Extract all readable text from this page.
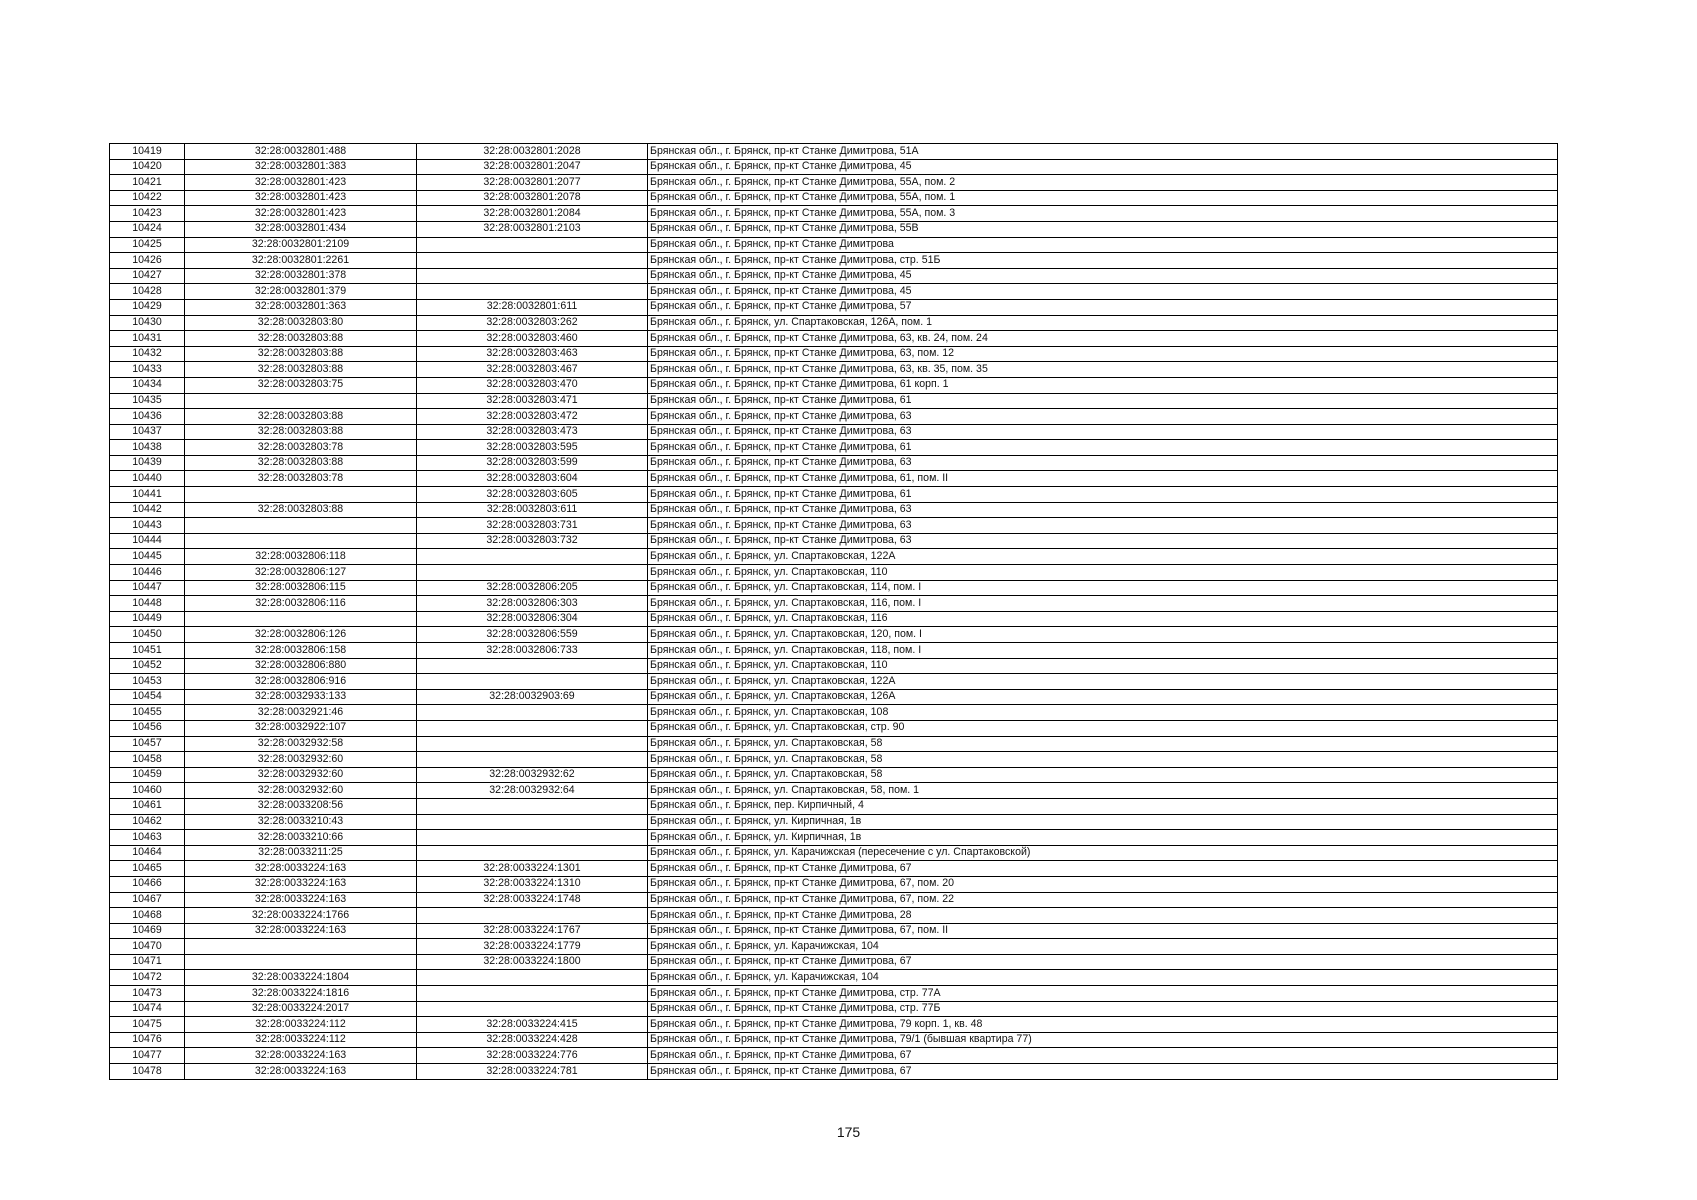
10419	32:28:0032801:488	32:28:0032801:2028	Брянская обл., г. Брянск, пр-кт Станке Димитрова, 51А
10420	32:28:0032801:383	32:28:0032801:2047	Брянская обл., г. Брянск, пр-кт Станке Димитрова, 45
10421	32:28:0032801:423	32:28:0032801:2077	Брянская обл., г. Брянск, пр-кт Станке Димитрова, 55А, пом. 2
10422	32:28:0032801:423	32:28:0032801:2078	Брянская обл., г. Брянск, пр-кт Станке Димитрова, 55А, пом. 1
10423	32:28:0032801:423	32:28:0032801:2084	Брянская обл., г. Брянск, пр-кт Станке Димитрова, 55А, пом. 3
10424	32:28:0032801:434	32:28:0032801:2103	Брянская обл., г. Брянск, пр-кт Станке Димитрова, 55В
10425	32:28:0032801:2109		Брянская обл., г. Брянск, пр-кт Станке Димитрова
10426	32:28:0032801:2261		Брянская обл., г. Брянск, пр-кт Станке Димитрова, стр. 51Б
10427	32:28:0032801:378		Брянская обл., г. Брянск, пр-кт Станке Димитрова, 45
10428	32:28:0032801:379		Брянская обл., г. Брянск, пр-кт Станке Димитрова, 45
10429	32:28:0032801:363	32:28:0032801:611	Брянская обл., г. Брянск, пр-кт Станке Димитрова, 57
10430	32:28:0032803:80	32:28:0032803:262	Брянская обл., г. Брянск, ул. Спартаковская, 126А, пом. 1
10431	32:28:0032803:88	32:28:0032803:460	Брянская обл., г. Брянск, пр-кт Станке Димитрова, 63, кв. 24, пом. 24
10432	32:28:0032803:88	32:28:0032803:463	Брянская обл., г. Брянск, пр-кт Станке Димитрова, 63, пом. 12
10433	32:28:0032803:88	32:28:0032803:467	Брянская обл., г. Брянск, пр-кт Станке Димитрова, 63, кв. 35, пом. 35
10434	32:28:0032803:75	32:28:0032803:470	Брянская обл., г. Брянск, пр-кт Станке Димитрова, 61 корп. 1
10435		32:28:0032803:471	Брянская обл., г. Брянск, пр-кт Станке Димитрова, 61
10436	32:28:0032803:88	32:28:0032803:472	Брянская обл., г. Брянск, пр-кт Станке Димитрова, 63
10437	32:28:0032803:88	32:28:0032803:473	Брянская обл., г. Брянск, пр-кт Станке Димитрова, 63
10438	32:28:0032803:78	32:28:0032803:595	Брянская обл., г. Брянск, пр-кт Станке Димитрова, 61
10439	32:28:0032803:88	32:28:0032803:599	Брянская обл., г. Брянск, пр-кт Станке Димитрова, 63
10440	32:28:0032803:78	32:28:0032803:604	Брянская обл., г. Брянск, пр-кт Станке Димитрова, 61, пом. II
10441		32:28:0032803:605	Брянская обл., г. Брянск, пр-кт Станке Димитрова, 61
10442	32:28:0032803:88	32:28:0032803:611	Брянская обл., г. Брянск, пр-кт Станке Димитрова, 63
10443		32:28:0032803:731	Брянская обл., г. Брянск, пр-кт Станке Димитрова, 63
10444		32:28:0032803:732	Брянская обл., г. Брянск, пр-кт Станке Димитрова, 63
10445	32:28:0032806:118		Брянская обл., г. Брянск, ул. Спартаковская, 122А
10446	32:28:0032806:127		Брянская обл., г. Брянск, ул. Спартаковская, 110
10447	32:28:0032806:115	32:28:0032806:205	Брянская обл., г. Брянск, ул. Спартаковская, 114, пом. I
10448	32:28:0032806:116	32:28:0032806:303	Брянская обл., г. Брянск, ул. Спартаковская, 116, пом. I
10449		32:28:0032806:304	Брянская обл., г. Брянск, ул. Спартаковская, 116
10450	32:28:0032806:126	32:28:0032806:559	Брянская обл., г. Брянск, ул. Спартаковская, 120, пом. I
10451	32:28:0032806:158	32:28:0032806:733	Брянская обл., г. Брянск, ул. Спартаковская, 118, пом. I
10452	32:28:0032806:880		Брянская обл., г. Брянск, ул. Спартаковская, 110
10453	32:28:0032806:916		Брянская обл., г. Брянск, ул. Спартаковская, 122А
10454	32:28:0032933:133	32:28:0032903:69	Брянская обл., г. Брянск, ул. Спартаковская, 126А
10455	32:28:0032921:46		Брянская обл., г. Брянск, ул. Спартаковская, 108
10456	32:28:0032922:107		Брянская обл., г. Брянск, ул. Спартаковская, стр. 90
10457	32:28:0032932:58		Брянская обл., г. Брянск, ул. Спартаковская, 58
10458	32:28:0032932:60		Брянская обл., г. Брянск, ул. Спартаковская, 58
10459	32:28:0032932:60	32:28:0032932:62	Брянская обл., г. Брянск, ул. Спартаковская, 58
10460	32:28:0032932:60	32:28:0032932:64	Брянская обл., г. Брянск, ул. Спартаковская, 58, пом. 1
10461	32:28:0033208:56		Брянская обл., г. Брянск, пер. Кирпичный, 4
10462	32:28:0033210:43		Брянская обл., г. Брянск, ул. Кирпичная, 1в
10463	32:28:0033210:66		Брянская обл., г. Брянск, ул. Кирпичная, 1в
10464	32:28:0033211:25		Брянская обл., г. Брянск, ул. Карачижская (пересечение с ул. Спартаковской)
10465	32:28:0033224:163	32:28:0033224:1301	Брянская обл., г. Брянск, пр-кт Станке Димитрова, 67
10466	32:28:0033224:163	32:28:0033224:1310	Брянская обл., г. Брянск, пр-кт Станке Димитрова, 67, пом. 20
10467	32:28:0033224:163	32:28:0033224:1748	Брянская обл., г. Брянск, пр-кт Станке Димитрова, 67, пом. 22
10468	32:28:0033224:1766		Брянская обл., г. Брянск, пр-кт Станке Димитрова, 28
10469	32:28:0033224:163	32:28:0033224:1767	Брянская обл., г. Брянск, пр-кт Станке Димитрова, 67, пом. II
10470		32:28:0033224:1779	Брянская обл., г. Брянск, ул. Карачижская, 104
10471		32:28:0033224:1800	Брянская обл., г. Брянск, пр-кт Станке Димитрова, 67
10472	32:28:0033224:1804		Брянская обл., г. Брянск, ул. Карачижская, 104
10473	32:28:0033224:1816		Брянская обл., г. Брянск, пр-кт Станке Димитрова, стр. 77А
10474	32:28:0033224:2017		Брянская обл., г. Брянск, пр-кт Станке Димитрова, стр. 77Б
10475	32:28:0033224:112	32:28:0033224:415	Брянская обл., г. Брянск, пр-кт Станке Димитрова, 79 корп. 1, кв. 48
10476	32:28:0033224:112	32:28:0033224:428	Брянская обл., г. Брянск, пр-кт Станке Димитрова, 79/1 (бывшая квартира 77)
10477	32:28:0033224:163	32:28:0033224:776	Брянская обл., г. Брянск, пр-кт Станке Димитрова, 67
10478	32:28:0033224:163	32:28:0033224:781	Брянская обл., г. Брянск, пр-кт Станке Димитрова, 67
175
